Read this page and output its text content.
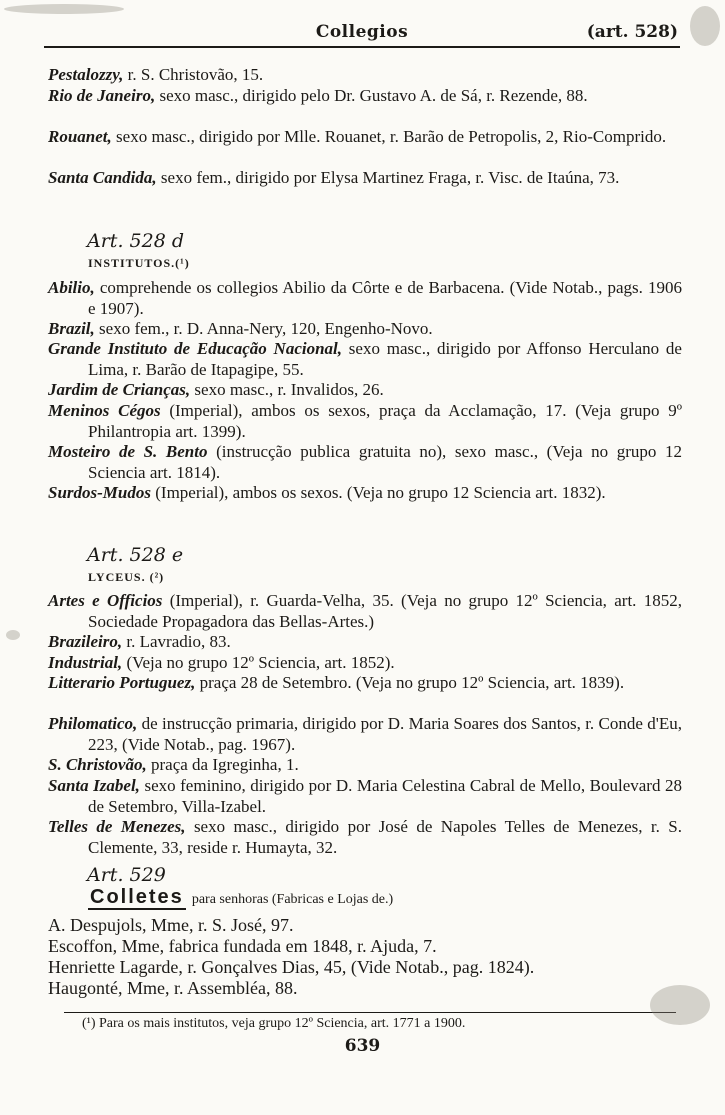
Collegios	(art. 528)
Pestalozzy, r. S. Christovão, 15.
Rio de Janeiro, sexo masc., dirigido pelo Dr. Gustavo A. de Sá, r. Rezende, 88.
Rouanet, sexo masc., dirigido por Mlle. Rouanet, r. Barão de Petropolis, 2, Rio-Comprido.
Santa Candida, sexo fem., dirigido por Elysa Martinez Fraga, r. Visc. de Itaúna, 73.
Art. 528 d
INSTITUTOS.(¹)
Abilio, comprehende os collegios Abilio da Côrte e de Barbacena. (Vide Notab., pags. 1906 e 1907).
Brazil, sexo fem., r. D. Anna-Nery, 120, Engenho-Novo.
Grande Instituto de Educação Nacional, sexo masc., dirigido por Affonso Herculano de Lima, r. Barão de Itapagipe, 55.
Jardim de Crianças, sexo masc., r. Invalidos, 26.
Meninos Cégos (Imperial), ambos os sexos, praça da Acclamação, 17. (Veja grupo 9º Philantropia art. 1399).
Mosteiro de S. Bento (instrucção publica gratuita no), sexo masc., (Veja no grupo 12 Sciencia art. 1814).
Surdos-Mudos (Imperial), ambos os sexos. (Veja no grupo 12 Sciencia art. 1832).
Art. 528 e
LYCEUS. (²)
Artes e Officios (Imperial), r. Guarda-Velha, 35. (Veja no grupo 12º Sciencia, art. 1852, Sociedade Propagadora das Bellas-Artes.)
Brazileiro, r. Lavradio, 83.
Industrial, (Veja no grupo 12º Sciencia, art. 1852).
Litterario Portuguez, praça 28 de Setembro. (Veja no grupo 12º Sciencia, art. 1839).
Philomatico, de instrucção primaria, dirigido por D. Maria Soares dos Santos, r. Conde d'Eu, 223, (Vide Notab., pag. 1967).
S. Christovão, praça da Igreginha, 1.
Santa Izabel, sexo feminino, dirigido por D. Maria Celestina Cabral de Mello, Boulevard 28 de Setembro, Villa-Izabel.
Telles de Menezes, sexo masc., dirigido por José de Napoles Telles de Menezes, r. S. Clemente, 33, reside r. Humayta, 32.
Art. 529
Colletes para senhoras (Fabricas e Lojas de.)
A. Despujols, Mme, r. S. José, 97.
Escoffon, Mme, fabrica fundada em 1848, r. Ajuda, 7.
Henriette Lagarde, r. Gonçalves Dias, 45, (Vide Notab., pag. 1824).
Haugonté, Mme, r. Assembléa, 88.
(¹) Para os mais institutos, veja grupo 12º Sciencia, art. 1771 a 1900.
639
